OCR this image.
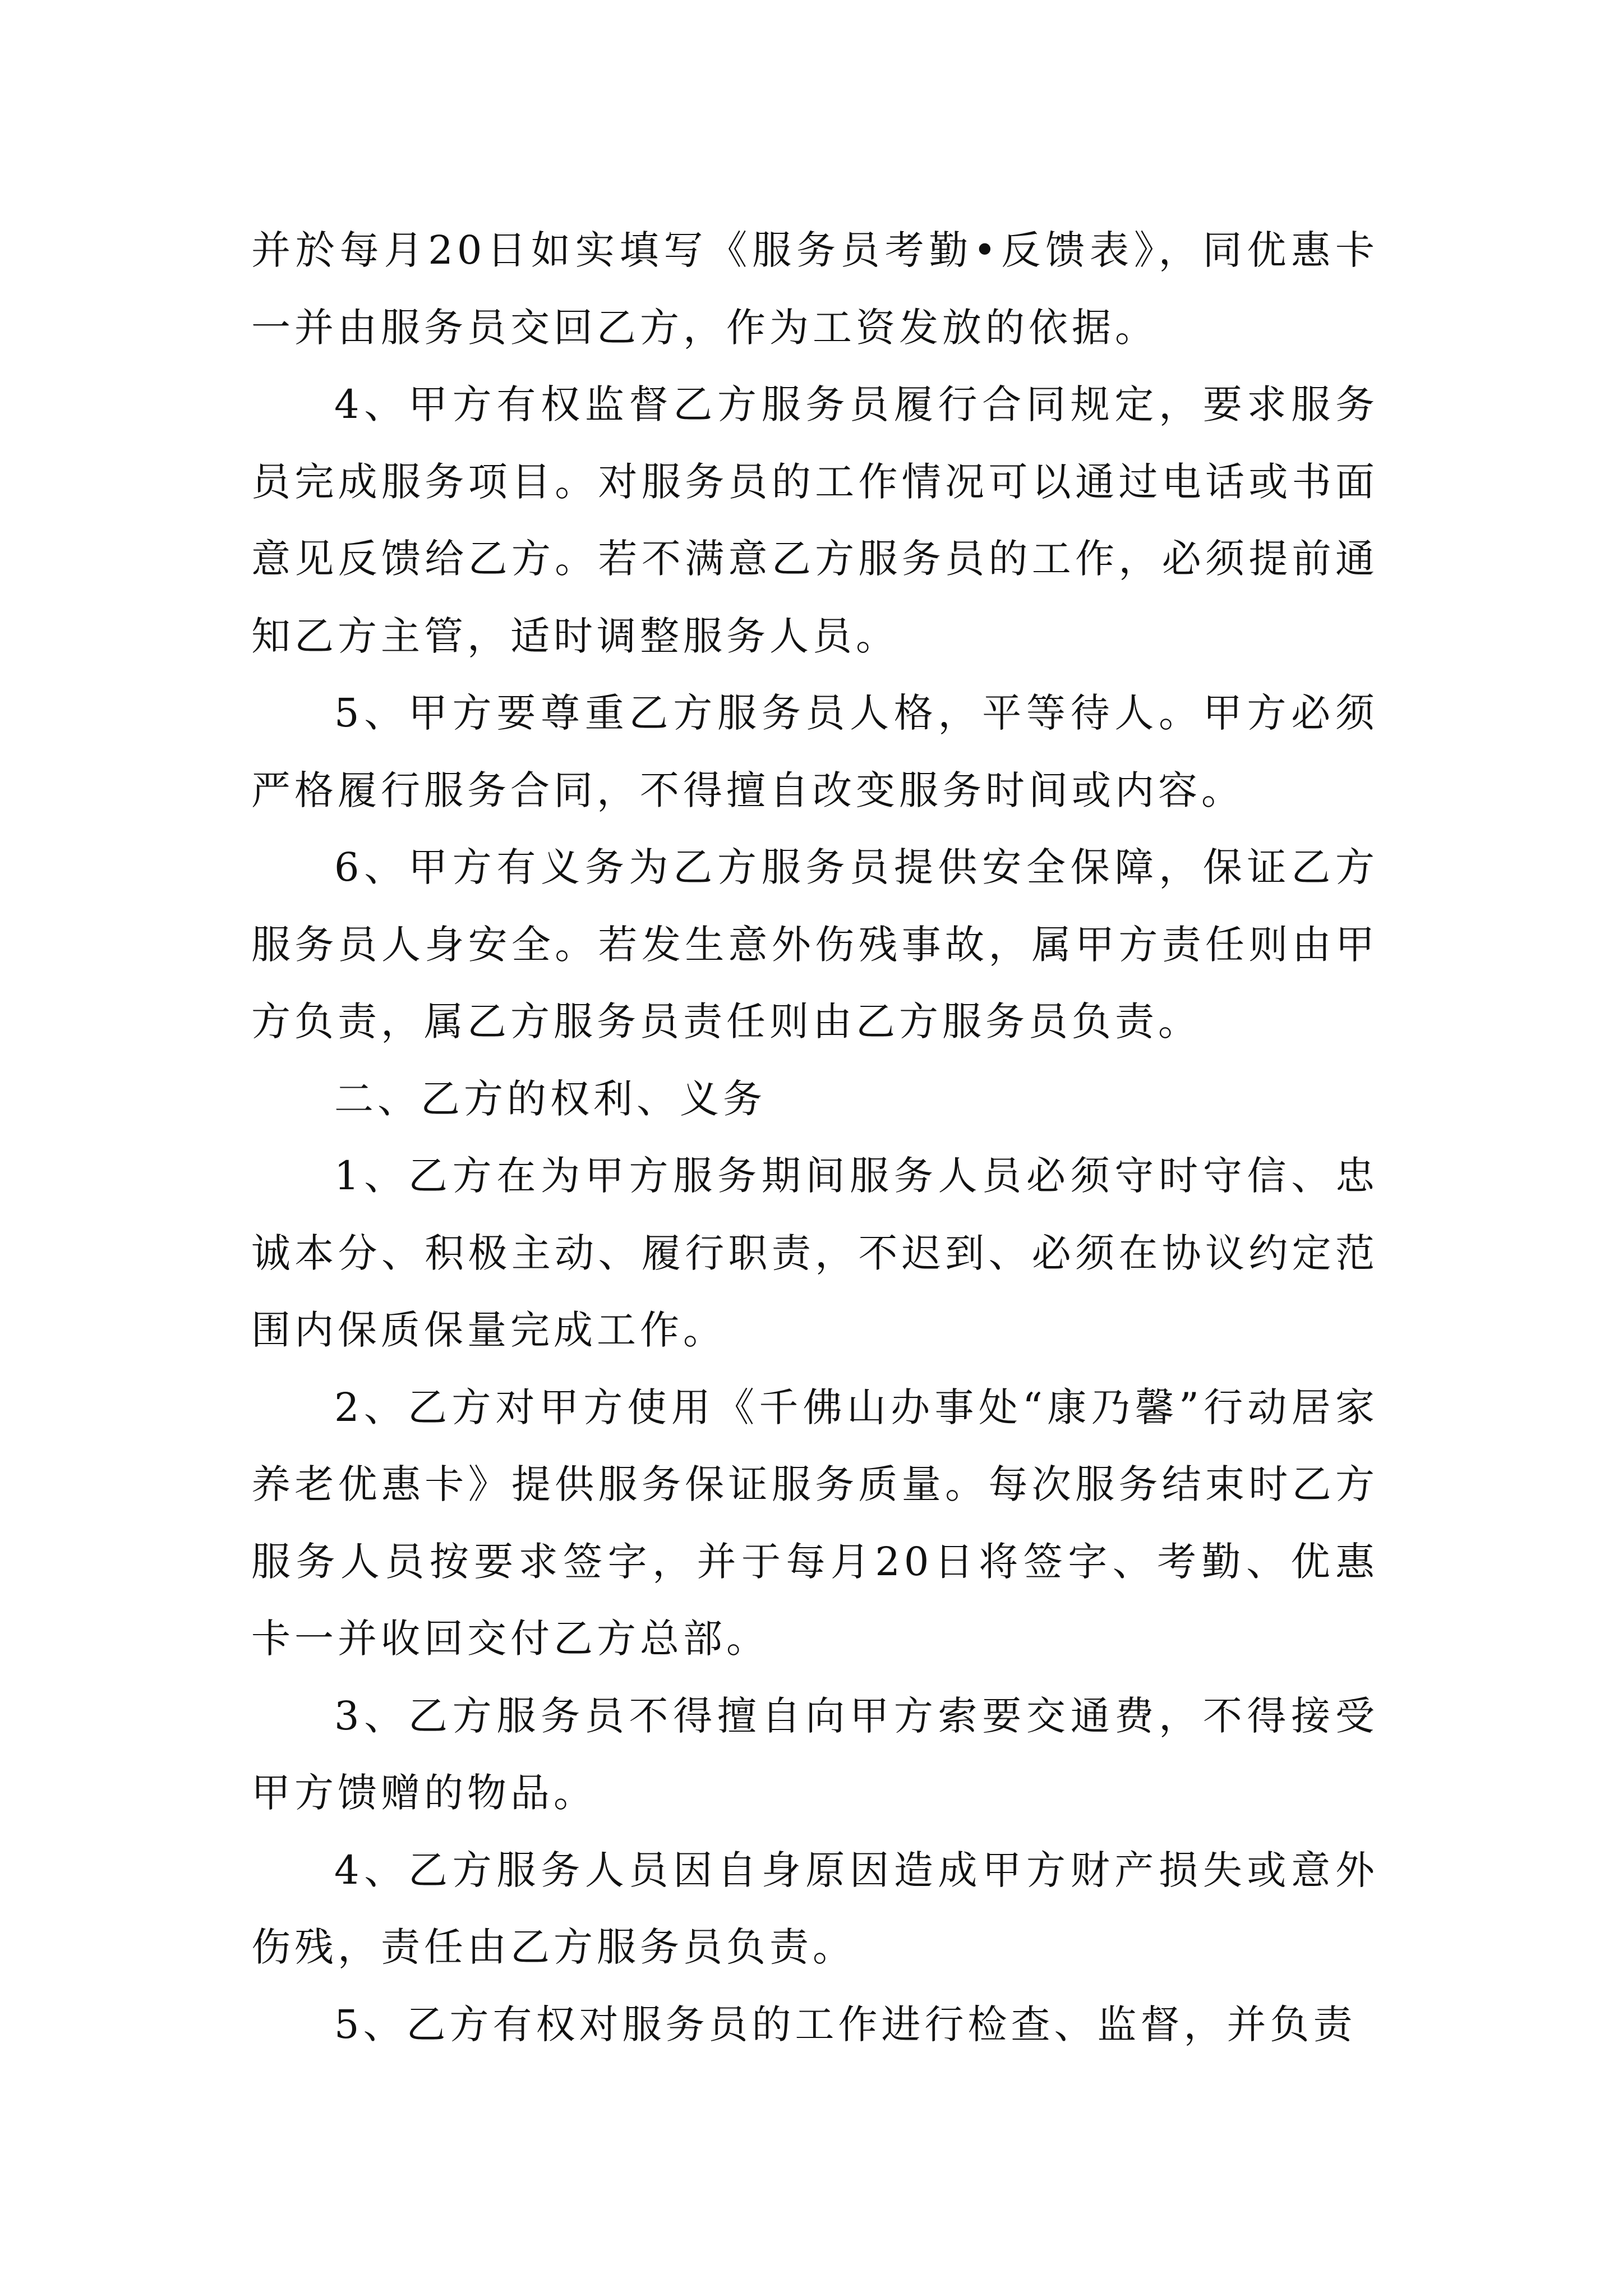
并於每月20日如实填写《服务员考勤•反馈表》，同优惠卡一并由服务员交回乙方，作为工资发放的依据。

4、甲方有权监督乙方服务员履行合同规定，要求服务员完成服务项目。对服务员的工作情况可以通过电话或书面意见反馈给乙方。若不满意乙方服务员的工作，必须提前通知乙方主管，适时调整服务人员。

5、甲方要尊重乙方服务员人格，平等待人。甲方必须严格履行服务合同，不得擅自改变服务时间或内容。

6、甲方有义务为乙方服务员提供安全保障，保证乙方服务员人身安全。若发生意外伤残事故，属甲方责任则由甲方负责，属乙方服务员责任则由乙方服务员负责。

二、乙方的权利、义务

1、乙方在为甲方服务期间服务人员必须守时守信、忠诚本分、积极主动、履行职责，不迟到、必须在协议约定范围内保质保量完成工作。

2、乙方对甲方使用《千佛山办事处“康乃馨”行动居家养老优惠卡》提供服务保证服务质量。每次服务结束时乙方服务人员按要求签字，并于每月20日将签字、考勤、优惠卡一并收回交付乙方总部。

3、乙方服务员不得擅自向甲方索要交通费，不得接受甲方馈赠的物品。

4、乙方服务人员因自身原因造成甲方财产损失或意外伤残，责任由乙方服务员负责。

5、乙方有权对服务员的工作进行检查、监督，并负责
